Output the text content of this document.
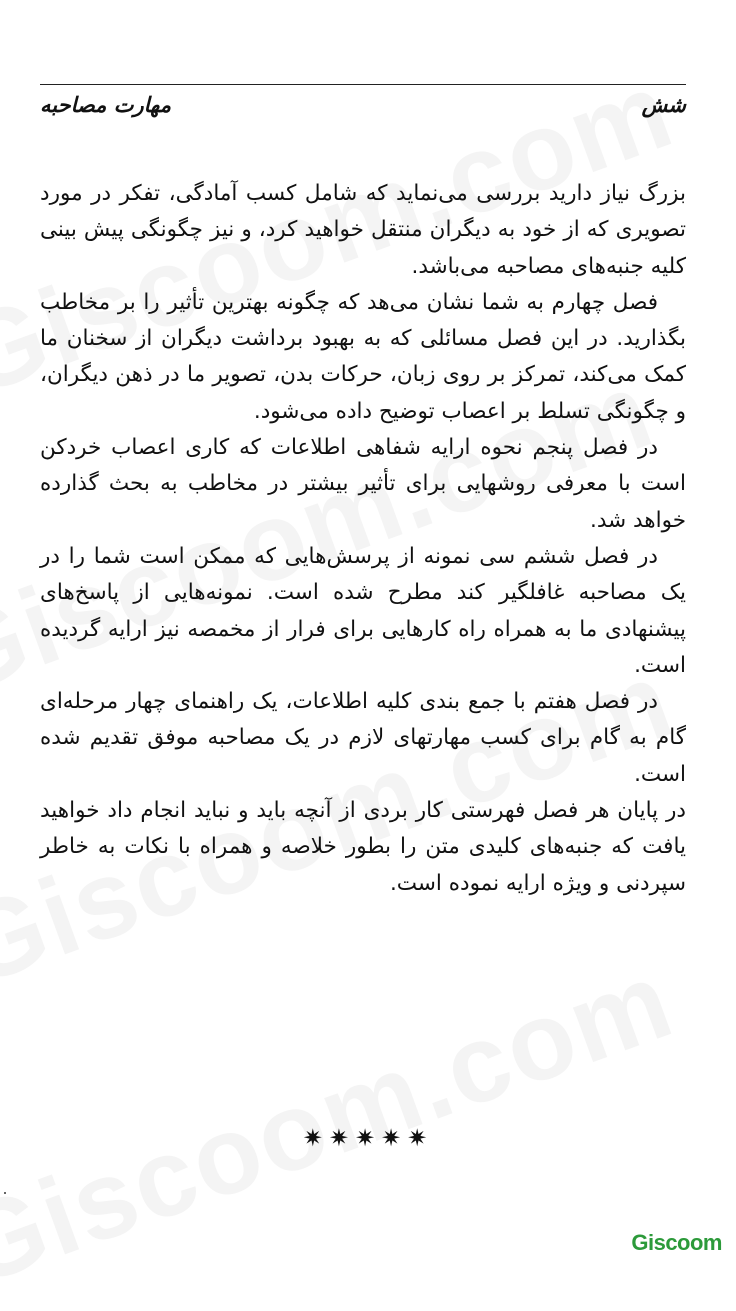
شش
مهارت مصاحبه

بزرگ نیاز دارید بررسی می‌نماید که شامل کسب آمادگی، تفکر در مورد تصویری که از خود به دیگران منتقل خواهید کرد، و نیز چگونگی پیش بینی کلیه جنبه‌های مصاحبه می‌باشد.

فصل چهارم به شما نشان می‌هد که چگونه بهترین تأثیر را بر مخاطب بگذارید. در این فصل مسائلی که به بهبود برداشت دیگران از سخنان ما کمک می‌کند، تمرکز بر روی زبان، حرکات بدن، تصویر ما در ذهن دیگران، و چگونگی تسلط بر اعصاب توضیح داده می‌شود.

در فصل پنجم نحوه ارایه شفاهی اطلاعات که کاری اعصاب خردکن است با معرفی روشهایی برای تأثیر بیشتر در مخاطب به بحث گذارده خواهد شد.

در فصل ششم سی نمونه از پرسش‌هایی که ممکن است شما را در یک مصاحبه غافلگیر کند مطرح شده است. نمونه‌هایی از پاسخ‌های پیشنهادی ما به همراه راه کارهایی برای فرار از مخمصه نیز ارایه گردیده است.

در فصل هفتم با جمع بندی کلیه اطلاعات، یک راهنمای چهار مرحله‌ای گام به گام برای کسب مهارتهای لازم در یک مصاحبه موفق تقدیم شده است.

در پایان هر فصل فهرستی کار بردی از آنچه باید و نباید انجام داد خواهید یافت که جنبه‌های کلیدی متن را بطور خلاصه و همراه با نکات به خاطر سپردنی و ویژه ارایه نموده است.

✷✷✷✷✷
Giscoom
